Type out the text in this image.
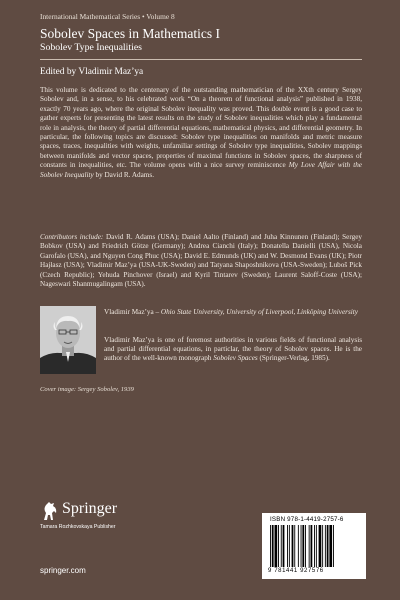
International Mathematical Series • Volume 8
Sobolev Spaces in Mathematics I
Sobolev Type Inequalities
Edited by Vladimir Maz’ya

This volume is dedicated to the centenary of the outstanding mathematician of the XXth century Sergey Sobolev and, in a sense, to his celebrated work “On a theorem of functional analysis” published in 1938, exactly 70 years ago, where the original Sobolev inequality was proved. This double event is a good case to gather experts for presenting the latest results on the study of Sobolev inequalities which play a fundamental role in analysis, the theory of partial differential equations, mathematical physics, and differential geometry. In particular, the following topics are discussed: Sobolev type inequalities on manifolds and metric measure spaces, traces, inequalities with weights, unfamiliar settings of Sobolev type inequalities, Sobolev mappings between manifolds and vector spaces, properties of maximal functions in Sobolev spaces, the sharpness of constants in inequalities, etc. The volume opens with a nice survey reminiscence My Love Affair with the Sobolev Inequality by David R. Adams.

Contributors include: David R. Adams (USA); Daniel Aalto (Finland) and Juha Kinnunen (Finland); Sergey Bobkov (USA) and Friedrich Götze (Germany); Andrea Cianchi (Italy); Donatella Danielli (USA), Nicola Garofalo (USA), and Nguyen Cong Phuc (USA); David E. Edmunds (UK) and W. Desmond Evans (UK); Piotr Hajłasz (USA); Vladimir Maz’ya (USA-UK-Sweden) and Tatyana Shaposhnikova (USA-Sweden); Luboš Pick (Czech Republic); Yehuda Pinchover (Israel) and Kyril Tintarev (Sweden); Laurent Saloff-Coste (USA); Nageswari Shanmugalingam (USA).

Vladimir Maz’ya – Ohio State University, University of Liverpool, Linköping University
Vladimir Maz’ya is one of foremost authorities in various fields of functional analysis and partial differential equations, in particlar, the theory of Sobolev spaces. He is the author of the well-known monograph Sobolev Spaces (Springer-Verlag, 1985).
Cover image: Sergey Sobolev, 1939
Springer
Tamara Rozhkovskaya Publisher
springer.com
ISBN 978-1-4419-2757-6
9 781441 927576
